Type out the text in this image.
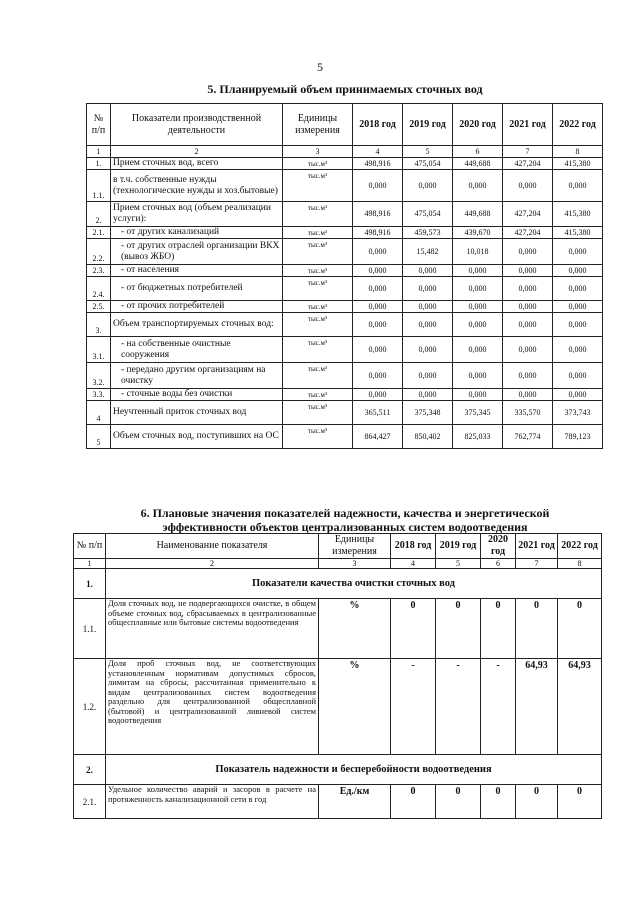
5
5. Планируемый объем принимаемых сточных вод
№ п/п	Показатели производственной деятельности	Единицы измерения	2018 год	2019 год	2020 год	2021 год	2022 год
1	2	3	4	5	6	7	8
1.	Прием сточных вод, всего	тыс.м³	498,916	475,054	449,688	427,204	415,380
1.1.	в т.ч. собственные нужды (технологические нужды и хоз.бытовые)	тыс.м³	0,000	0,000	0,000	0,000	0,000
2.	Прием сточных вод (объем реализации услуги):	тыс.м³	498,916	475,054	449,688	427,204	415,380
2.1.	- от других канализаций	тыс.м³	498,916	459,573	439,670	427,204	415,380
2.2.	- от других отраслей организации ВКХ (вывоз ЖБО)	тыс.м³	0,000	15,482	10,018	0,000	0,000
2.3.	- от населения	тыс.м³	0,000	0,000	0,000	0,000	0,000
2.4.	- от бюджетных потребителей	тыс.м³	0,000	0,000	0,000	0,000	0,000
2.5.	- от прочих потребителей	тыс.м³	0,000	0,000	0,000	0,000	0,000
3.	Объем транспортируемых сточных вод:	тыс.м³	0,000	0,000	0,000	0,000	0,000
3.1.	- на собственные очистные сооружения	тыс.м³	0,000	0,000	0,000	0,000	0,000
3.2.	- передано другим организациям на очистку	тыс.м³	0,000	0,000	0,000	0,000	0,000
3.3.	- сточные воды без очистки	тыс.м³	0,000	0,000	0,000	0,000	0,000
4	Неучтенный приток сточных вод	тыс.м³	365,511	375,348	375,345	335,570	373,743
5	Объем сточных вод, поступивших на ОС	тыс.м³	864,427	850,402	825,033	762,774	789,123
6. Плановые значения показателей надежности, качества и энергетической
эффективности объектов централизованных систем водоотведения
№ п/п	Наименование показателя	Единицы измерения	2018 год	2019 год	2020 год	2021 год	2022 год
1	2	3	4	5	6	7	8
1.	Показатели качества очистки сточных вод						
1.1.	Доля сточных вод, не подвергающихся очистке, в общем объеме сточных вод, сбрасываемых в централизованные общесплавные или бытовые системы водоотведения	%	0	0	0	0	0
1.2.	Доля проб сточных вод, не соответствующих установленным нормативам допустимых сбросов, лимитам на сбросы, рассчитанная применительно к видам централизованных систем водоотведения раздельно для централизованной общесплавной (бытовой) и централизованной ливневой систем водоотведения	%	-	-	-	64,93	64,93
2.	Показатель надежности и бесперебойности водоотведения						
2.1.	Удельное количество аварий и засоров в расчете на протяженность канализационной сети в год	Ед./км	0	0	0	0	0
